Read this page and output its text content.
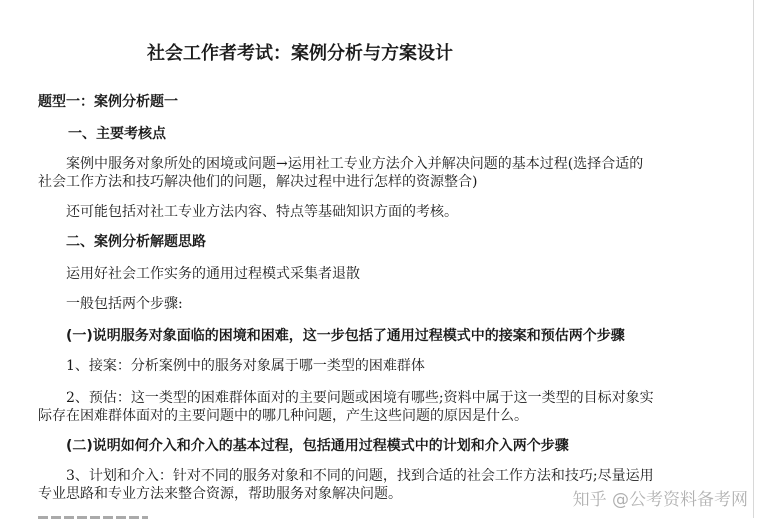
社会工作者考试：案例分析与方案设计
题型一：案例分析题一
一、主要考核点
案例中服务对象所处的困境或问题→运用社工专业方法介入并解决问题的基本过程(选择合适的
社会工作方法和技巧解决他们的问题，解决过程中进行怎样的资源整合)
还可能包括对社工专业方法内容、特点等基础知识方面的考核。
二、案例分析解题思路
运用好社会工作实务的通用过程模式采集者退散
一般包括两个步骤:
(一)说明服务对象面临的困境和困难，这一步包括了通用过程模式中的接案和预估两个步骤
1、接案：分析案例中的服务对象属于哪一类型的困难群体
2、预估：这一类型的困难群体面对的主要问题或困境有哪些;资料中属于这一类型的目标对象实
际存在困难群体面对的主要问题中的哪几种问题，产生这些问题的原因是什么。
(二)说明如何介入和介入的基本过程，包括通用过程模式中的计划和介入两个步骤
3、计划和介入：针对不同的服务对象和不同的问题，找到合适的社会工作方法和技巧;尽量运用
专业思路和专业方法来整合资源，帮助服务对象解决问题。	知乎 @公考资料备考网
